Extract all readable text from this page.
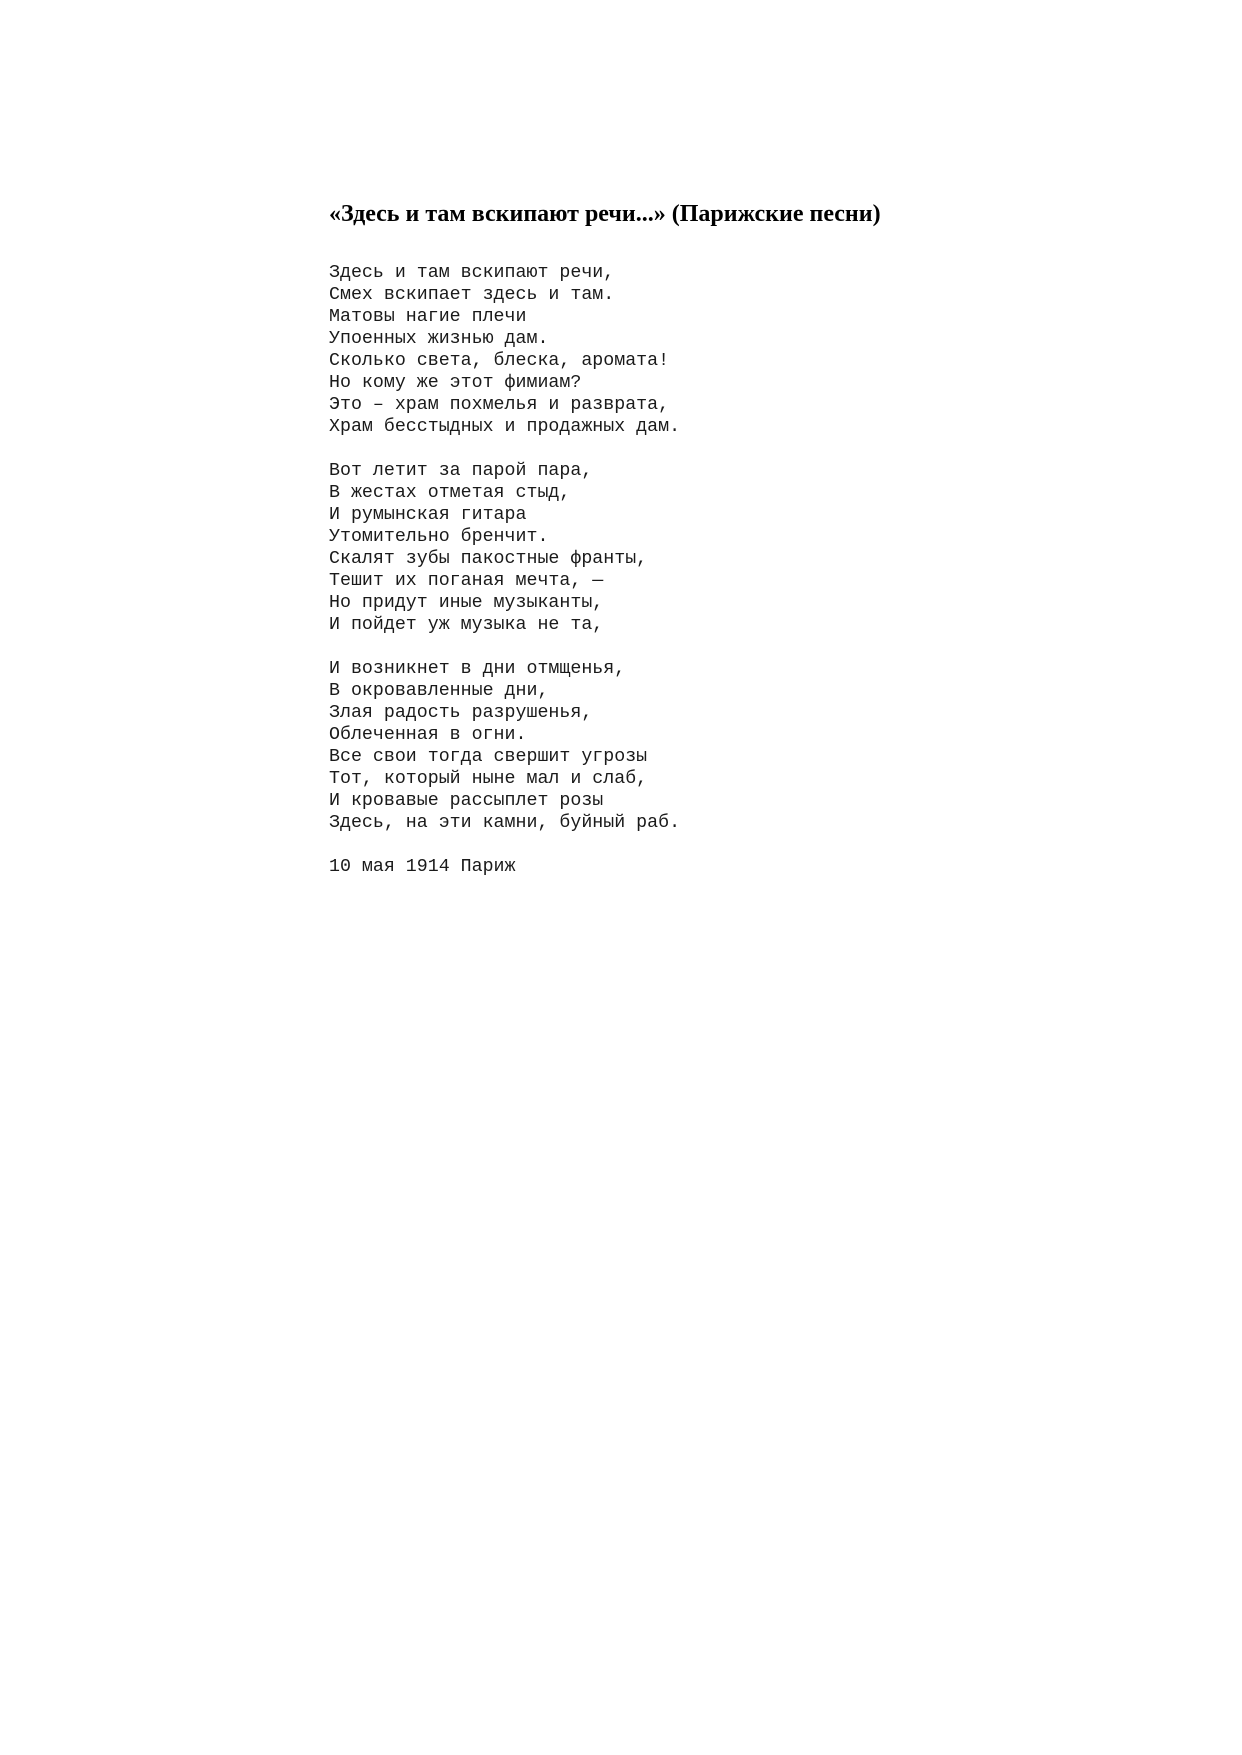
«Здесь и там вскипают речи...» (Парижские песни)
Здесь и там вскипают речи,
Смех вскипает здесь и там.
Матовы нагие плечи
Упоенных жизнью дам.
Сколько света, блеска, аромата!
Но кому же этот фимиам?
Это – храм похмелья и разврата,
Храм бесстыдных и продажных дам.
Вот летит за парой пара,
В жестах отметая стыд,
И румынская гитара
Утомительно бренчит.
Скалят зубы пакостные франты,
Тешит их поганая мечта, —
Но придут иные музыканты,
И пойдет уж музыка не та,
И возникнет в дни отмщенья,
В окровавленные дни,
Злая радость разрушенья,
Облеченная в огни.
Все свои тогда свершит угрозы
Тот, который ныне мал и слаб,
И кровавые рассыплет розы
Здесь, на эти камни, буйный раб.
10 мая 1914 Париж
